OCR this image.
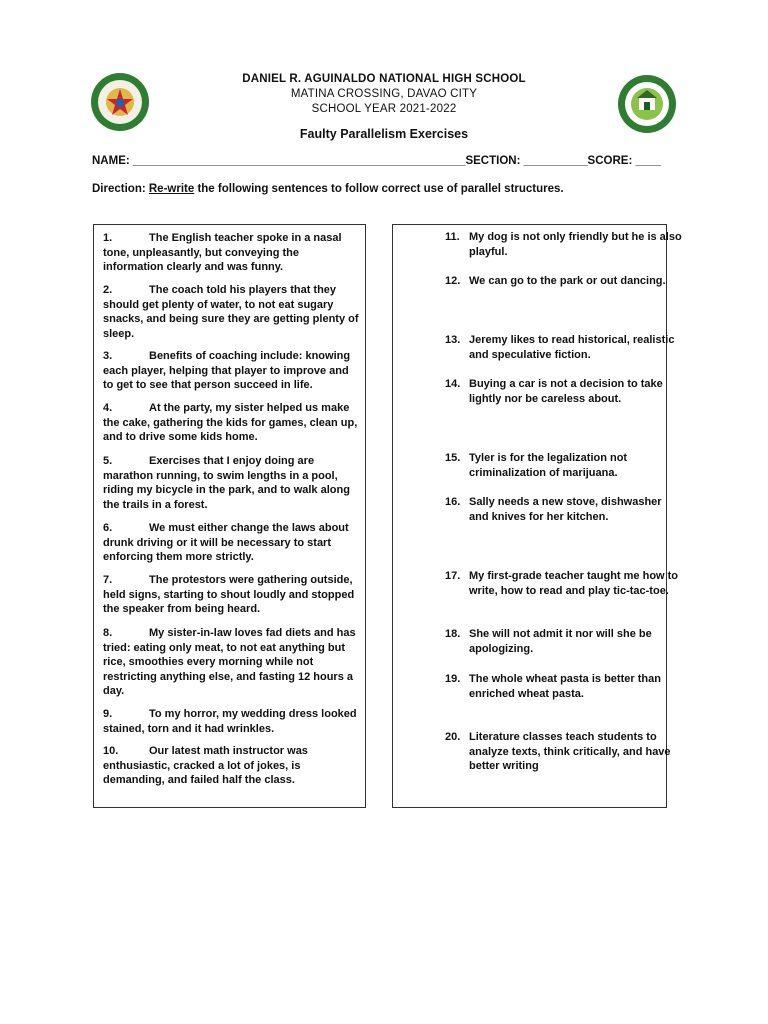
DANIEL R. AGUINALDO NATIONAL HIGH SCHOOL
MATINA CROSSING, DAVAO CITY
SCHOOL YEAR 2021-2022
Faulty Parallelism Exercises
NAME: ____________________________________________________SECTION: __________SCORE: ____
Direction: Re-write the following sentences to follow correct use of parallel structures.
1.	The English teacher spoke in a nasal tone, unpleasantly, but conveying the information clearly and was funny.
2.	The coach told his players that they should get plenty of water, to not eat sugary snacks, and being sure they are getting plenty of sleep.
3.	Benefits of coaching include: knowing each player, helping that player to improve and to get to see that person succeed in life.
4.	At the party, my sister helped us make the cake, gathering the kids for games, clean up, and to drive some kids home.
5.	Exercises that I enjoy doing are marathon running, to swim lengths in a pool, riding my bicycle in the park, and to walk along the trails in a forest.
6.	We must either change the laws about drunk driving or it will be necessary to start enforcing them more strictly.
7.	The protestors were gathering outside, held signs, starting to shout loudly and stopped the speaker from being heard.
8.	My sister-in-law loves fad diets and has tried: eating only meat, to not eat anything but rice, smoothies every morning while not restricting anything else, and fasting 12 hours a day.
9.	To my horror, my wedding dress looked stained, torn and it had wrinkles.
10.	Our latest math instructor was enthusiastic, cracked a lot of jokes, is demanding, and failed half the class.
11. My dog is not only friendly but he is also playful.
12. We can go to the park or out dancing.
13. Jeremy likes to read historical, realistic and speculative fiction.
14. Buying a car is not a decision to take lightly nor be careless about.
15. Tyler is for the legalization not criminalization of marijuana.
16. Sally needs a new stove, dishwasher and knives for her kitchen.
17. My first-grade teacher taught me how to write, how to read and play tic-tac-toe.
18. She will not admit it nor will she be apologizing.
19. The whole wheat pasta is better than enriched wheat pasta.
20. Literature classes teach students to analyze texts, think critically, and have better writing
